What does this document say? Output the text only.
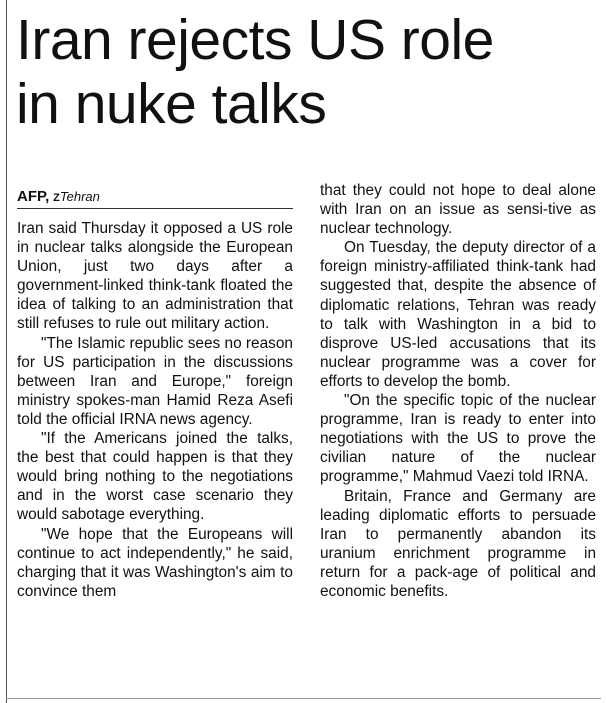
Iran rejects US role
in nuke talks
AFP, ZTehran

Iran said Thursday it opposed a US role in nuclear talks alongside the European Union, just two days after a government-linked think-tank floated the idea of talking to an administration that still refuses to rule out military action.

"The Islamic republic sees no reason for US participation in the discussions between Iran and Europe," foreign ministry spokes-man Hamid Reza Asefi told the official IRNA news agency.

"If the Americans joined the talks, the best that could happen is that they would bring nothing to the negotiations and in the worst case scenario they would sabotage everything.

"We hope that the Europeans will continue to act independently," he said, charging that it was Washington's aim to convince them

that they could not hope to deal alone with Iran on an issue as sensi-tive as nuclear technology.

On Tuesday, the deputy director of a foreign ministry-affiliated think-tank had suggested that, despite the absence of diplomatic relations, Tehran was ready to talk with Washington in a bid to disprove US-led accusations that its nuclear programme was a cover for efforts to develop the bomb.

"On the specific topic of the nuclear programme, Iran is ready to enter into negotiations with the US to prove the civilian nature of the nuclear programme," Mahmud Vaezi told IRNA.

Britain, France and Germany are leading diplomatic efforts to persuade Iran to permanently abandon its uranium enrichment programme in return for a pack-age of political and economic benefits.
